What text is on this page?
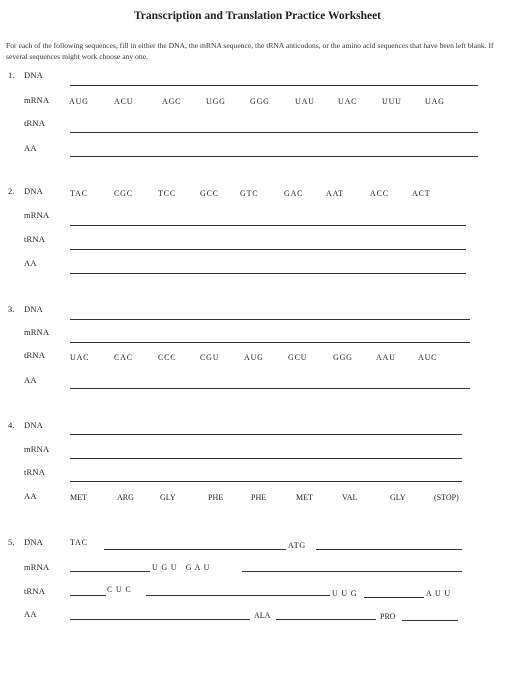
Transcription and Translation Practice Worksheet
For each of the following sequences, fill in either the DNA, the mRNA sequence, the tRNA anticodons, or the amino acid sequences that have been left blank. If several sequences might work choose any one.
1. DNA
mRNA AUG	ACU	AGC	UGG	GGG	UAU	UAC	UUU	UAG
tRNA
AA
2. DNA	TAC	CGC	TCC	GCC	GTC	GAC	AAT	ACC	ACT
mRNA
tRNA
AA
3. DNA
mRNA
tRNA	UAC	CAC	CCC	CGU	AUG	GCU	GGG	AAU	AUC
AA
4. DNA
mRNA
tRNA
AA	MET	ARG	GLY	PHE	PHE	MET	VAL	GLY	(STOP)
5. DNA	TAC	ATG
mRNA	U G U   G A U
tRNA	C U C	U U G	A U U
AA	ALA	PRO
